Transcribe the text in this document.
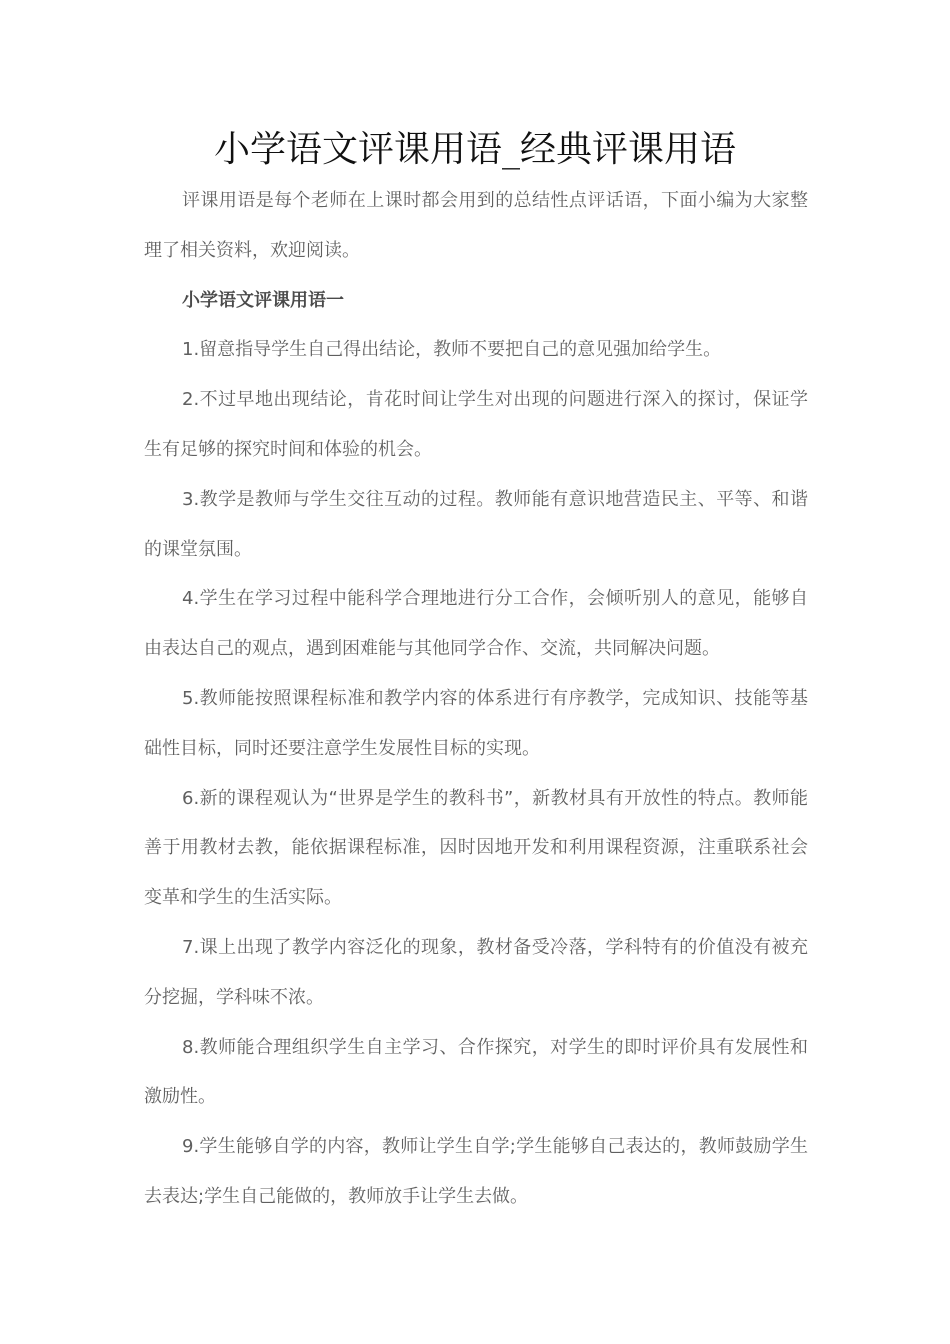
小学语文评课用语_经典评课用语

评课用语是每个老师在上课时都会用到的总结性点评话语，下面小编为大家整理了相关资料，欢迎阅读。

小学语文评课用语一

1.留意指导学生自己得出结论，教师不要把自己的意见强加给学生。

2.不过早地出现结论，肯花时间让学生对出现的问题进行深入的探讨，保证学生有足够的探究时间和体验的机会。

3.教学是教师与学生交往互动的过程。教师能有意识地营造民主、平等、和谐的课堂氛围。

4.学生在学习过程中能科学合理地进行分工合作，会倾听别人的意见，能够自由表达自己的观点，遇到困难能与其他同学合作、交流，共同解决问题。

5.教师能按照课程标准和教学内容的体系进行有序教学，完成知识、技能等基础性目标，同时还要注意学生发展性目标的实现。

6.新的课程观认为“世界是学生的教科书”，新教材具有开放性的特点。教师能善于用教材去教，能依据课程标准，因时因地开发和利用课程资源，注重联系社会变革和学生的生活实际。

7.课上出现了教学内容泛化的现象，教材备受冷落，学科特有的价值没有被充分挖掘，学科味不浓。

8.教师能合理组织学生自主学习、合作探究，对学生的即时评价具有发展性和激励性。

9.学生能够自学的内容，教师让学生自学;学生能够自己表达的，教师鼓励学生去表达;学生自己能做的，教师放手让学生去做。
